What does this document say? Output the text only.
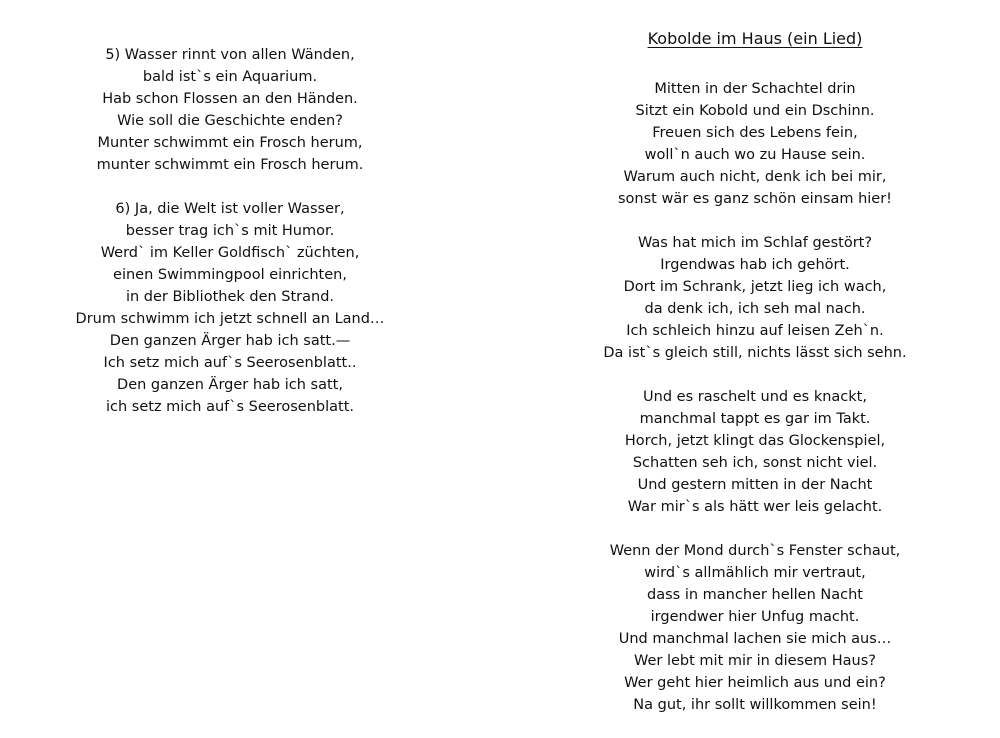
5) Wasser rinnt von allen Wänden,
bald ist`s ein Aquarium.
Hab schon Flossen an den Händen.
Wie soll die Geschichte enden?
Munter schwimmt ein Frosch herum,
munter schwimmt ein Frosch herum.
6) Ja, die Welt ist voller Wasser,
besser trag ich`s mit Humor.
Werd` im Keller Goldfisch` züchten,
einen Swimmingpool einrichten,
in der Bibliothek den Strand.
Drum schwimm ich jetzt schnell an Land…
Den ganzen Ärger hab ich satt.—
Ich setz mich auf`s Seerosenblatt..
Den ganzen Ärger hab ich satt,
ich setz mich auf`s Seerosenblatt.
Kobolde im Haus (ein Lied)
Mitten in der Schachtel drin
Sitzt ein Kobold und ein Dschinn.
Freuen sich des Lebens fein,
woll`n auch wo zu Hause sein.
Warum auch nicht, denk ich bei mir,
sonst wär es ganz schön einsam hier!
Was hat mich im Schlaf gestört?
Irgendwas hab ich gehört.
Dort im Schrank, jetzt lieg ich wach,
da denk ich, ich seh mal nach.
Ich schleich hinzu auf leisen Zeh`n.
Da ist`s gleich still, nichts lässt sich sehn.
Und es raschelt und es knackt,
manchmal tappt es gar im Takt.
Horch, jetzt klingt das Glockenspiel,
Schatten seh ich, sonst nicht viel.
Und gestern mitten in der Nacht
War mir`s als hätt wer leis gelacht.
Wenn der Mond durch`s Fenster schaut,
wird`s allmählich mir vertraut,
dass in mancher hellen Nacht
irgendwer hier Unfug macht.
Und manchmal lachen sie mich aus…
Wer lebt mit mir in diesem Haus?
Wer geht hier heimlich aus und ein?
Na gut, ihr sollt willkommen sein!
